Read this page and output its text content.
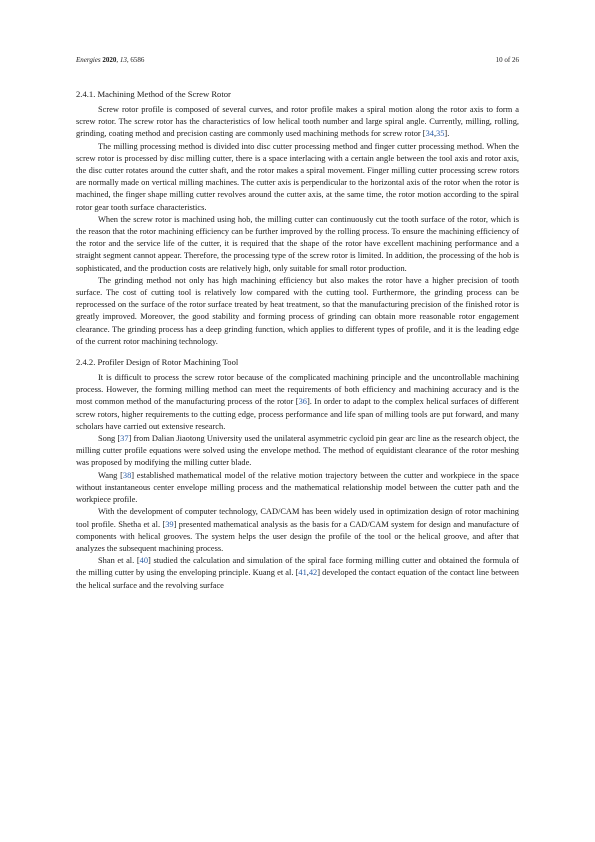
Energies 2020, 13, 6586	10 of 26
2.4.1. Machining Method of the Screw Rotor

Screw rotor profile is composed of several curves, and rotor profile makes a spiral motion along the rotor axis to form a screw rotor. The screw rotor has the characteristics of low helical tooth number and large spiral angle. Currently, milling, rolling, grinding, coating method and precision casting are commonly used machining methods for screw rotor [34,35].

The milling processing method is divided into disc cutter processing method and finger cutter processing method. When the screw rotor is processed by disc milling cutter, there is a space interlacing with a certain angle between the tool axis and rotor axis, the disc cutter rotates around the cutter shaft, and the rotor makes a spiral movement. Finger milling cutter processing screw rotors are normally made on vertical milling machines. The cutter axis is perpendicular to the horizontal axis of the rotor when the rotor is machined, the finger shape milling cutter revolves around the cutter axis, at the same time, the rotor motion according to the spiral rotor gear tooth surface characteristics.

When the screw rotor is machined using hob, the milling cutter can continuously cut the tooth surface of the rotor, which is the reason that the rotor machining efficiency can be further improved by the rolling process. To ensure the machining efficiency of the rotor and the service life of the cutter, it is required that the shape of the rotor have excellent machining performance and a straight segment cannot appear. Therefore, the processing type of the screw rotor is limited. In addition, the processing of the hob is sophisticated, and the production costs are relatively high, only suitable for small rotor production.

The grinding method not only has high machining efficiency but also makes the rotor have a higher precision of tooth surface. The cost of cutting tool is relatively low compared with the cutting tool. Furthermore, the grinding process can be reprocessed on the surface of the rotor surface treated by heat treatment, so that the manufacturing precision of the finished rotor is greatly improved. Moreover, the good stability and forming process of grinding can obtain more reasonable rotor engagement clearance. The grinding process has a deep grinding function, which applies to different types of profile, and it is the leading edge of the current rotor machining technology.

2.4.2. Profiler Design of Rotor Machining Tool

It is difficult to process the screw rotor because of the complicated machining principle and the uncontrollable machining process. However, the forming milling method can meet the requirements of both efficiency and machining accuracy and is the most common method of the manufacturing process of the rotor [36]. In order to adapt to the complex helical surfaces of different screw rotors, higher requirements to the cutting edge, process performance and life span of milling tools are put forward, and many scholars have carried out extensive research.

Song [37] from Dalian Jiaotong University used the unilateral asymmetric cycloid pin gear arc line as the research object, the milling cutter profile equations were solved using the envelope method. The method of equidistant clearance of the rotor meshing was proposed by modifying the milling cutter blade.

Wang [38] established mathematical model of the relative motion trajectory between the cutter and workpiece in the space without instantaneous center envelope milling process and the mathematical relationship model between the cutter path and the workpiece profile.

With the development of computer technology, CAD/CAM has been widely used in optimization design of rotor machining tool profile. Shetha et al. [39] presented mathematical analysis as the basis for a CAD/CAM system for design and manufacture of components with helical grooves. The system helps the user design the profile of the tool or the helical groove, and after that analyzes the subsequent machining process.

Shan et al. [40] studied the calculation and simulation of the spiral face forming milling cutter and obtained the formula of the milling cutter by using the enveloping principle. Kuang et al. [41,42] developed the contact equation of the contact line between the helical surface and the revolving surface
